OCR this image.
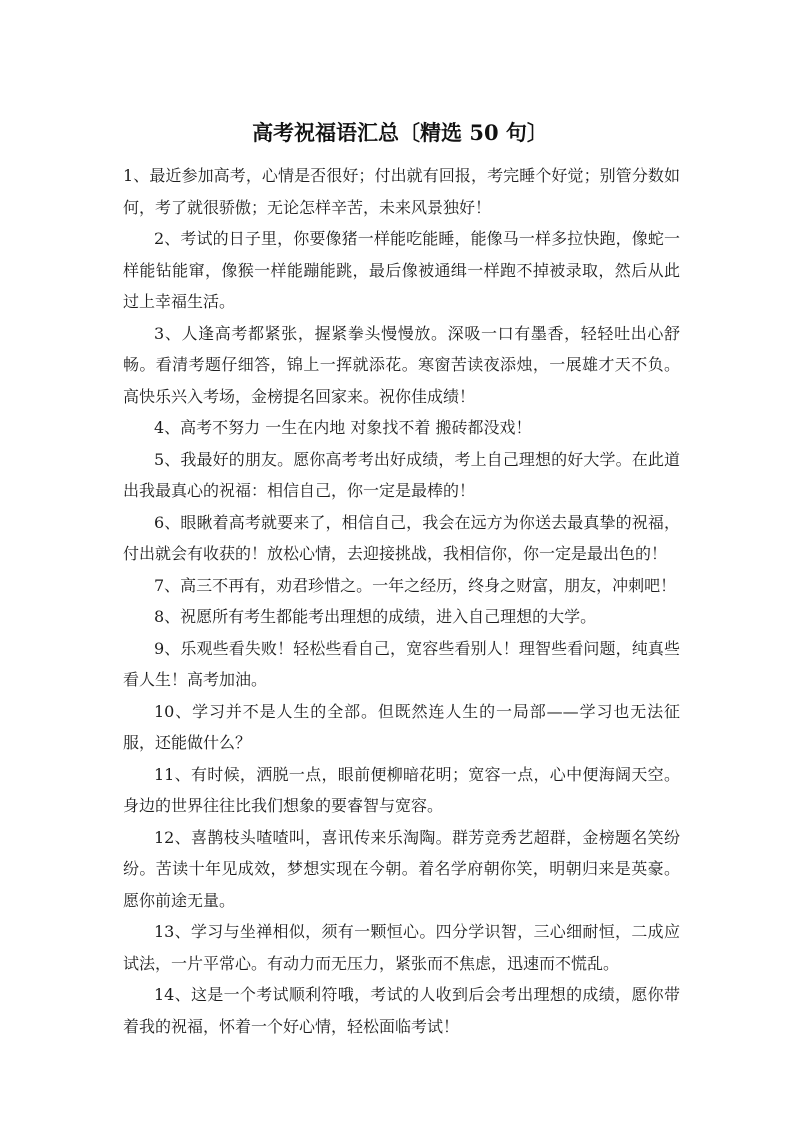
高考祝福语汇总〔精选 50 句〕

1、最近参加高考，心情是否很好；付出就有回报，考完睡个好觉；别管分数如
何，考了就很骄傲；无论怎样辛苦，未来风景独好！

2、考试的日子里，你要像猪一样能吃能睡，能像马一样多拉快跑，像蛇一
样能钻能窜，像猴一样能蹦能跳，最后像被通缉一样跑不掉被录取，然后从此
过上幸福生活。

3、人逢高考都紧张，握紧拳头慢慢放。深吸一口有墨香，轻轻吐出心舒
畅。看清考题仔细答，锦上一挥就添花。寒窗苦读夜添烛，一展雄才天不负。
高快乐兴入考场，金榜提名回家来。祝你佳成绩！

4、高考不努力 一生在内地 对象找不着 搬砖都没戏！

5、我最好的朋友。愿你高考考出好成绩，考上自己理想的好大学。在此道
出我最真心的祝福：相信自己，你一定是最棒的！

6、眼瞅着高考就要来了，相信自己，我会在远方为你送去最真挚的祝福，
付出就会有收获的！放松心情，去迎接挑战，我相信你，你一定是最出色的！

7、高三不再有，劝君珍惜之。一年之经历，终身之财富，朋友，冲刺吧！

8、祝愿所有考生都能考出理想的成绩，进入自己理想的大学。

9、乐观些看失败！轻松些看自己，宽容些看别人！理智些看问题，纯真些
看人生！高考加油。

10、学习并不是人生的全部。但既然连人生的一局部——学习也无法征
服，还能做什么？

11、有时候，洒脱一点，眼前便柳暗花明；宽容一点，心中便海阔天空。
身边的世界往往比我们想象的要睿智与宽容。

12、喜鹊枝头喳喳叫，喜讯传来乐淘陶。群芳竞秀艺超群，金榜题名笑纷
纷。苦读十年见成效，梦想实现在今朝。着名学府朝你笑，明朝归来是英豪。
愿你前途无量。

13、学习与坐禅相似，须有一颗恒心。四分学识智，三心细耐恒，二成应
试法，一片平常心。有动力而无压力，紧张而不焦虑，迅速而不慌乱。

14、这是一个考试顺利符哦，考试的人收到后会考出理想的成绩，愿你带
着我的祝福，怀着一个好心情，轻松面临考试！
